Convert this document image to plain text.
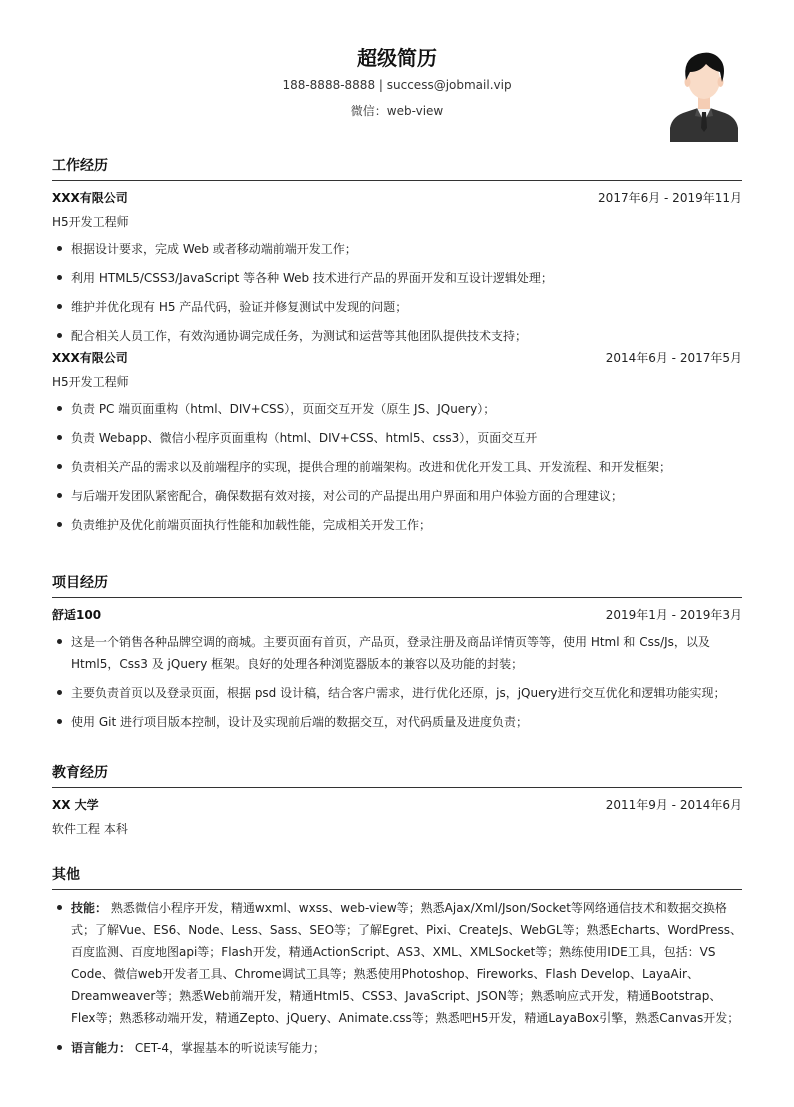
超级简历
188-8888-8888 | success@jobmail.vip
微信：web-view
工作经历
XXX有限公司	2017年6月 - 2019年11月
H5开发工程师
根据设计要求，完成 Web 或者移动端前端开发工作；
利用 HTML5/CSS3/JavaScript 等各种 Web 技术进行产品的界面开发和互设计逻辑处理；
维护并优化现有 H5 产品代码，验证并修复测试中发现的问题；
配合相关人员工作，有效沟通协调完成任务，为测试和运营等其他团队提供技术支持；
XXX有限公司	2014年6月 - 2017年5月
H5开发工程师
负责 PC 端页面重构（html、DIV+CSS），页面交互开发（原生 JS、JQuery）；
负责 Webapp、微信小程序页面重构（html、DIV+CSS、html5、css3），页面交互开
负责相关产品的需求以及前端程序的实现，提供合理的前端架构。改进和优化开发工具、开发流程、和开发框架；
与后端开发团队紧密配合，确保数据有效对接，对公司的产品提出用户界面和用户体验方面的合理建议；
负责维护及优化前端页面执行性能和加载性能，完成相关开发工作；
项目经历
舒适100	2019年1月 - 2019年3月
这是一个销售各种品牌空调的商城。主要页面有首页，产品页，登录注册及商品详情页等等，使用 Html 和 Css/Js，以及 Html5，Css3 及 jQuery 框架。良好的处理各种浏览器版本的兼容以及功能的封装；
主要负责首页以及登录页面，根据 psd 设计稿，结合客户需求，进行优化还原，js，jQuery进行交互优化和逻辑功能实现；
使用 Git 进行项目版本控制，设计及实现前后端的数据交互，对代码质量及进度负责；
教育经历
XX 大学	2011年9月 - 2014年6月
软件工程 本科
其他
技能： 熟悉微信小程序开发，精通wxml、wxss、web-view等；熟悉Ajax/Xml/Json/Socket等网络通信技术和数据交换格式；了解Vue、ES6、Node、Less、Sass、SEO等；了解Egret、Pixi、CreateJs、WebGL等；熟悉Echarts、WordPress、百度监测、百度地图api等；Flash开发，精通ActionScript、AS3、XML、XMLSocket等；熟练使用IDE工具，包括：VS Code、微信web开发者工具、Chrome调试工具等；熟悉使用Photoshop、Fireworks、Flash Develop、LayaAir、Dreamweaver等；熟悉Web前端开发，精通Html5、CSS3、JavaScript、JSON等；熟悉响应式开发，精通Bootstrap、Flex等；熟悉移动端开发，精通Zepto、jQuery、Animate.css等；熟悉吧H5开发，精通LayaBox引擎，熟悉Canvas开发；
语言能力： CET-4，掌握基本的听说读写能力；
